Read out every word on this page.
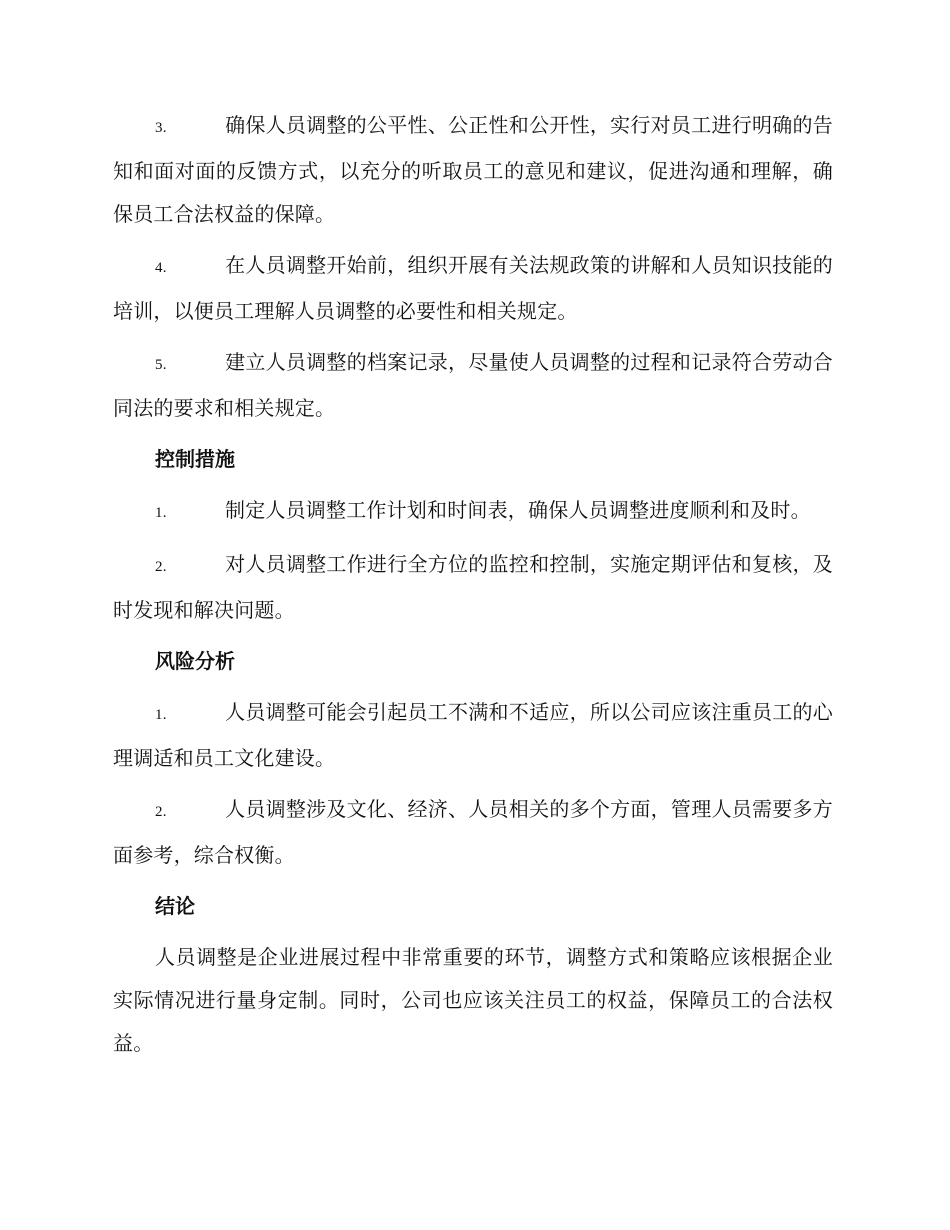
3.	确保人员调整的公平性、公正性和公开性，实行对员工进行明确的告知和面对面的反馈方式，以充分的听取员工的意见和建议，促进沟通和理解，确保员工合法权益的保障。

4.	在人员调整开始前，组织开展有关法规政策的讲解和人员知识技能的培训，以便员工理解人员调整的必要性和相关规定。

5.	建立人员调整的档案记录，尽量使人员调整的过程和记录符合劳动合同法的要求和相关规定。

控制措施

1.	制定人员调整工作计划和时间表，确保人员调整进度顺利和及时。

2.	对人员调整工作进行全方位的监控和控制，实施定期评估和复核，及时发现和解决问题。

风险分析

1.	人员调整可能会引起员工不满和不适应，所以公司应该注重员工的心理调适和员工文化建设。

2.	人员调整涉及文化、经济、人员相关的多个方面，管理人员需要多方面参考，综合权衡。

结论

人员调整是企业进展过程中非常重要的环节，调整方式和策略应该根据企业实际情况进行量身定制。同时，公司也应该关注员工的权益，保障员工的合法权益。
